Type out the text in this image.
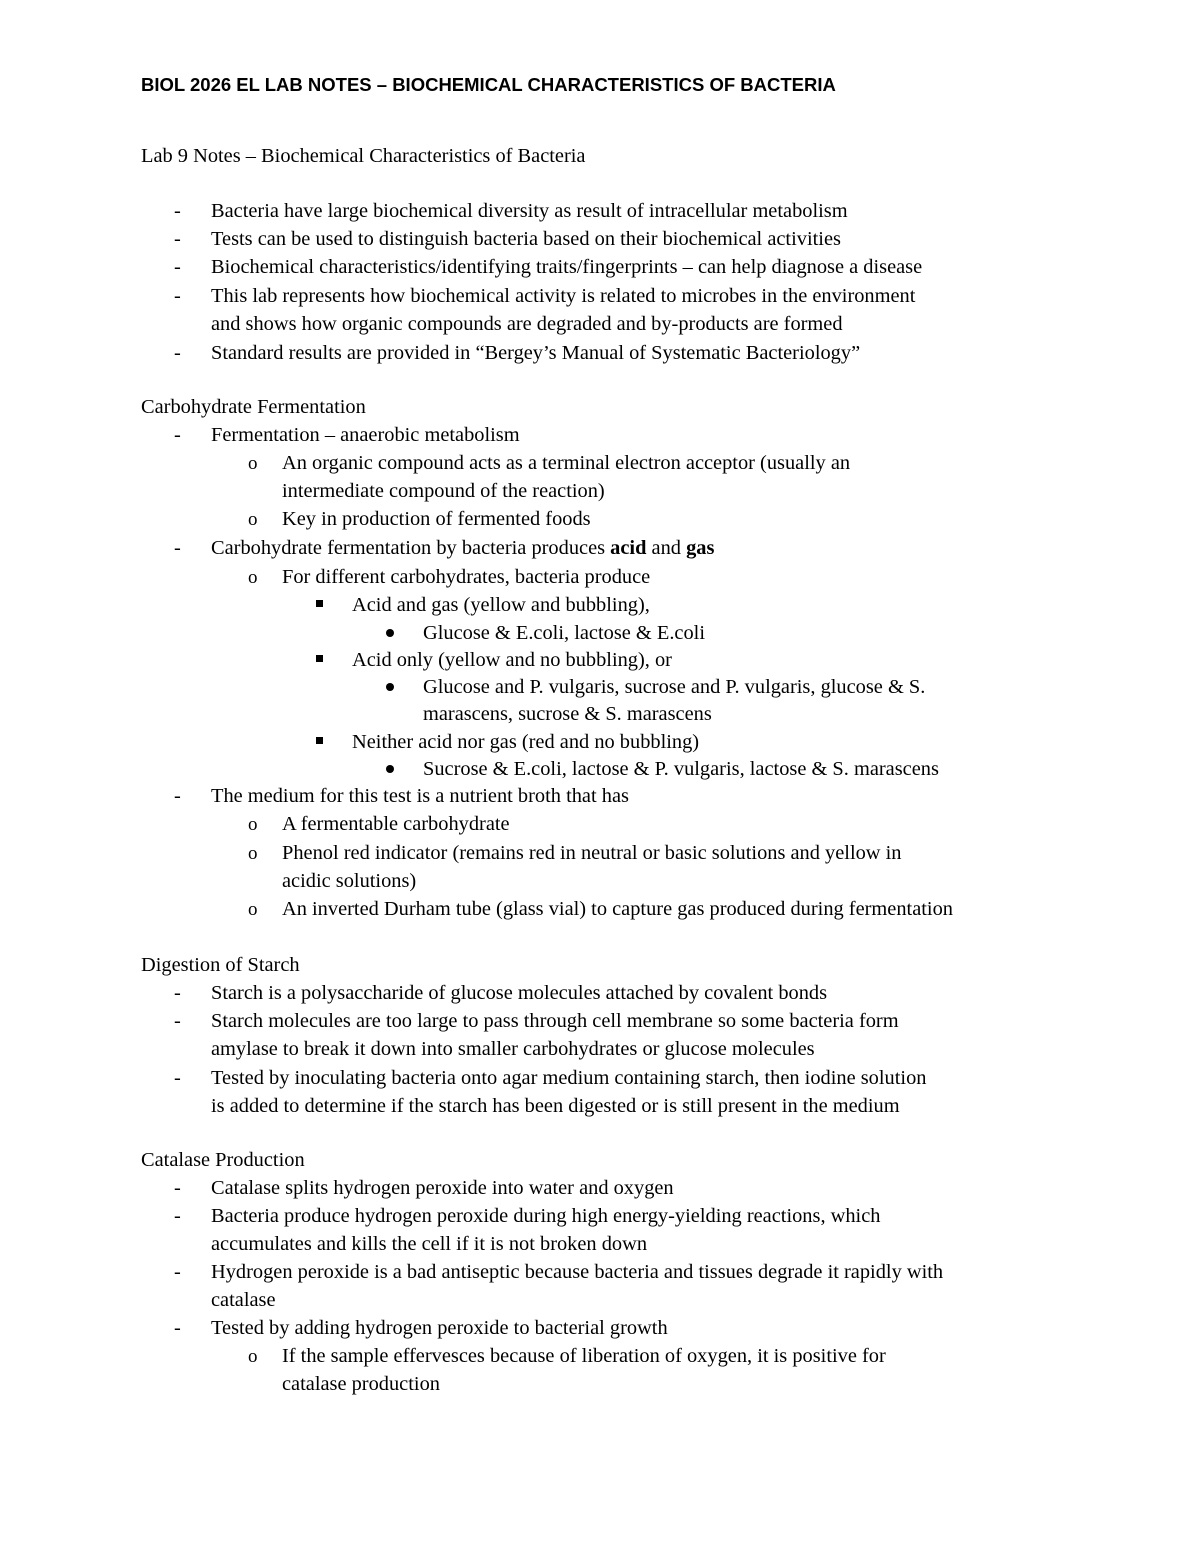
BIOL 2026 EL LAB NOTES – BIOCHEMICAL CHARACTERISTICS OF BACTERIA
Lab 9 Notes – Biochemical Characteristics of Bacteria
- Bacteria have large biochemical diversity as result of intracellular metabolism
- Tests can be used to distinguish bacteria based on their biochemical activities
- Biochemical characteristics/identifying traits/fingerprints – can help diagnose a disease
- This lab represents how biochemical activity is related to microbes in the environment
and shows how organic compounds are degraded and by-products are formed
- Standard results are provided in “Bergey’s Manual of Systematic Bacteriology”
Carbohydrate Fermentation
- Fermentation – anaerobic metabolism
o An organic compound acts as a terminal electron acceptor (usually an
intermediate compound of the reaction)
o Key in production of fermented foods
- Carbohydrate fermentation by bacteria produces acid and gas
o For different carbohydrates, bacteria produce
Acid and gas (yellow and bubbling),
Glucose & E.coli, lactose & E.coli
Acid only (yellow and no bubbling), or
Glucose and P. vulgaris, sucrose and P. vulgaris, glucose & S.
marascens, sucrose & S. marascens
Neither acid nor gas (red and no bubbling)
Sucrose & E.coli, lactose & P. vulgaris, lactose & S. marascens
- The medium for this test is a nutrient broth that has
o A fermentable carbohydrate
o Phenol red indicator (remains red in neutral or basic solutions and yellow in
acidic solutions)
o An inverted Durham tube (glass vial) to capture gas produced during fermentation
Digestion of Starch
- Starch is a polysaccharide of glucose molecules attached by covalent bonds
- Starch molecules are too large to pass through cell membrane so some bacteria form
amylase to break it down into smaller carbohydrates or glucose molecules
- Tested by inoculating bacteria onto agar medium containing starch, then iodine solution
is added to determine if the starch has been digested or is still present in the medium
Catalase Production
- Catalase splits hydrogen peroxide into water and oxygen
- Bacteria produce hydrogen peroxide during high energy-yielding reactions, which
accumulates and kills the cell if it is not broken down
- Hydrogen peroxide is a bad antiseptic because bacteria and tissues degrade it rapidly with
catalase
- Tested by adding hydrogen peroxide to bacterial growth
o If the sample effervesces because of liberation of oxygen, it is positive for
catalase production
